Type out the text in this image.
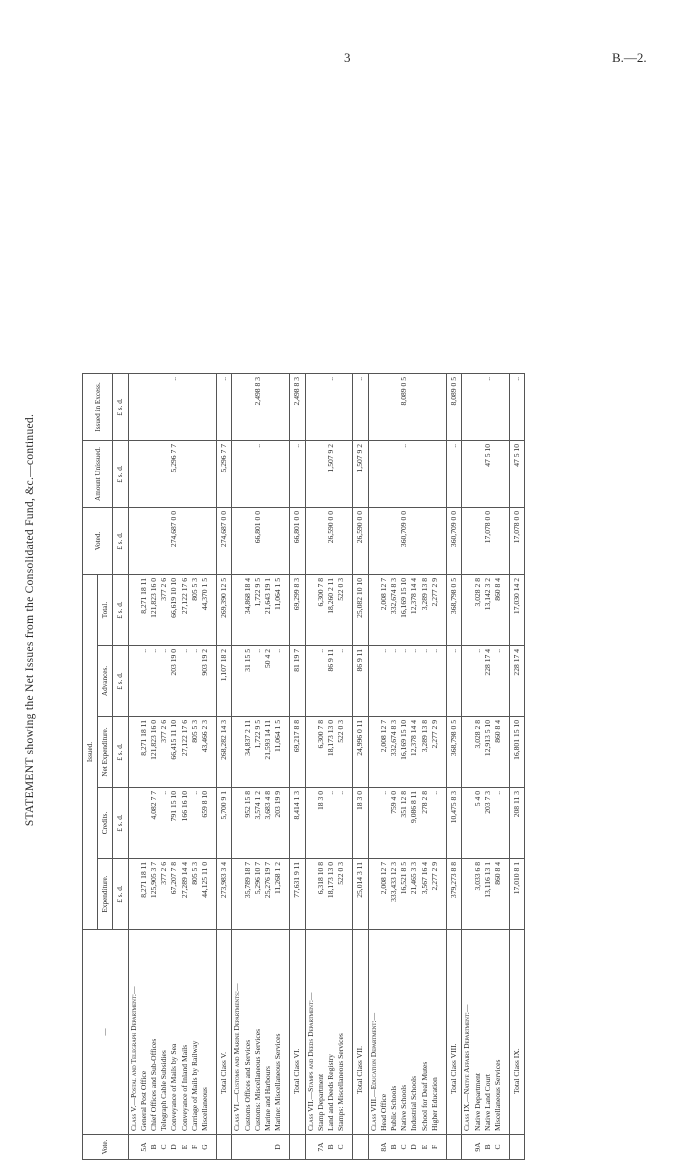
3	B.—2.
STATEMENT showing the Net Issues from the Consolidated Fund, &c.—continued.
Vote.	—	Issued.					Voted.	Amount Unissued.	Issued in Excess.
		Expenditure.	Credits.	Net Expenditure.	Advances.	Total.			
		£ s. d.	£ s. d.	£ s. d.	£ s. d.	£ s. d.	£ s. d.	£ s. d.	£ s. d.
	Class V.—Postal and Telegraph Department:—								
5A	General Post Office	8,271 18 11		8,271 18 11	..	8,271 18 11			
B	Chief Offices and Sub-Offices	125,905 3 7	4,082 7 7	121,823 16 0	..	121,823 16 0			
C	Telegraph Cable Subsidies	377 2 6	..	377 2 6	..	377 2 6			
D	Conveyance of Mails by Sea	67,207 7 8	791 15 10	66,415 11 10	203 19 0	66,619 10 10	274,687 0 0	5,296 7 7	..
E	Conveyance of Inland Mails	27,289 14 4	166 16 10	27,122 17 6	..	27,122 17 6			
F	Carriage of Mails by Railway	805 5 3	..	805 5 3	..	805 5 3			
G	Miscellaneous	44,125 11 0	659 8 10	43,466 2 3	903 19 2	44,370 1 5			

	Total Class V.	273,983 3 4	5,700 9 1	268,282 14 3	1,107 18 2	269,390 12 5	274,687 0 0	5,296 7 7	..
	Class VI.—Customs and Marine Departments:—								
	Customs Offices and Services	35,789 18 7	952 15 8	34,837 2 11	31 15 5	34,868 18 4			
	Customs: Miscellaneous Services	5,296 10 7	3,574 1 2	1,722 9 5	..	1,722 9 5	66,801 0 0	..	2,498 8 3
	Marine and Harbours	25,276 19 7	3,683 4 8	21,593 14 11	50 4 2	21,643 19 1			
D	Marine: Miscellaneous Services	11,268 1 2	203 19 9	11,064 1 5	..	11,064 1 5			

	Total Class VI.	77,631 9 11	8,414 1 3	69,217 8 8	81 19 7	69,299 8 3	66,801 0 0	..	2,498 8 3
	Class VII.—Stamps and Deeds Department:—								
7A	Stamp Department	6,318 10 8	18 3 0	6,300 7 8	..	6,300 7 8			
B	Land and Deeds Registry	18,173 13 0	..	18,173 13 0	86 9 11	18,260 2 11	26,590 0 0	1,507 9 2	..
C	Stamps: Miscellaneous Services	522 0 3	..	522 0 3	..	522 0 3			

	Total Class VII.	25,014 3 11	18 3 0	24,996 0 11	86 9 11	25,082 10 10	26,590 0 0	1,507 9 2	..
	Class VIII.—Education Department:—								
8A	Head Office	2,008 12 7	..	2,008 12 7	..	2,008 12 7			
B	Public Schools	333,433 12 3	759 4 0	332,674 8 3	..	332,674 8 3			
C	Native Schools	16,521 8 5	351 12 8	16,169 15 10	..	16,169 15 10	360,709 0 0	..	8,089 0 5
D	Industrial Schools	21,465 3 3	9,086 8 11	12,378 14 4	..	12,378 14 4			
E	School for Deaf Mutes	3,567 16 4	278 2 8	3,289 13 8	..	3,289 13 8			
F	Higher Education	2,277 2 9	..	2,277 2 9	..	2,277 2 9			

	Total Class VIII.	379,273 8 8	10,475 8 3	368,798 0 5	..	368,798 0 5	360,709 0 0	..	8,089 0 5
	Class IX.—Native Affairs Department:—								
9A	Native Department	3,033 6 8	5 4 0	3,028 2 8	..	3,028 2 8			
B	Native Land Court	13,116 13 1	203 7 3	12,913 5 10	228 17 4	13,142 3 2	17,078 0 0	47 5 10	..
C	Miscellaneous Services	860 8 4	..	860 8 4	..	860 8 4			

	Total Class IX.	17,010 8 1	208 11 3	16,801 15 10	228 17 4	17,030 14 2	17,078 0 0	47 5 10	..
